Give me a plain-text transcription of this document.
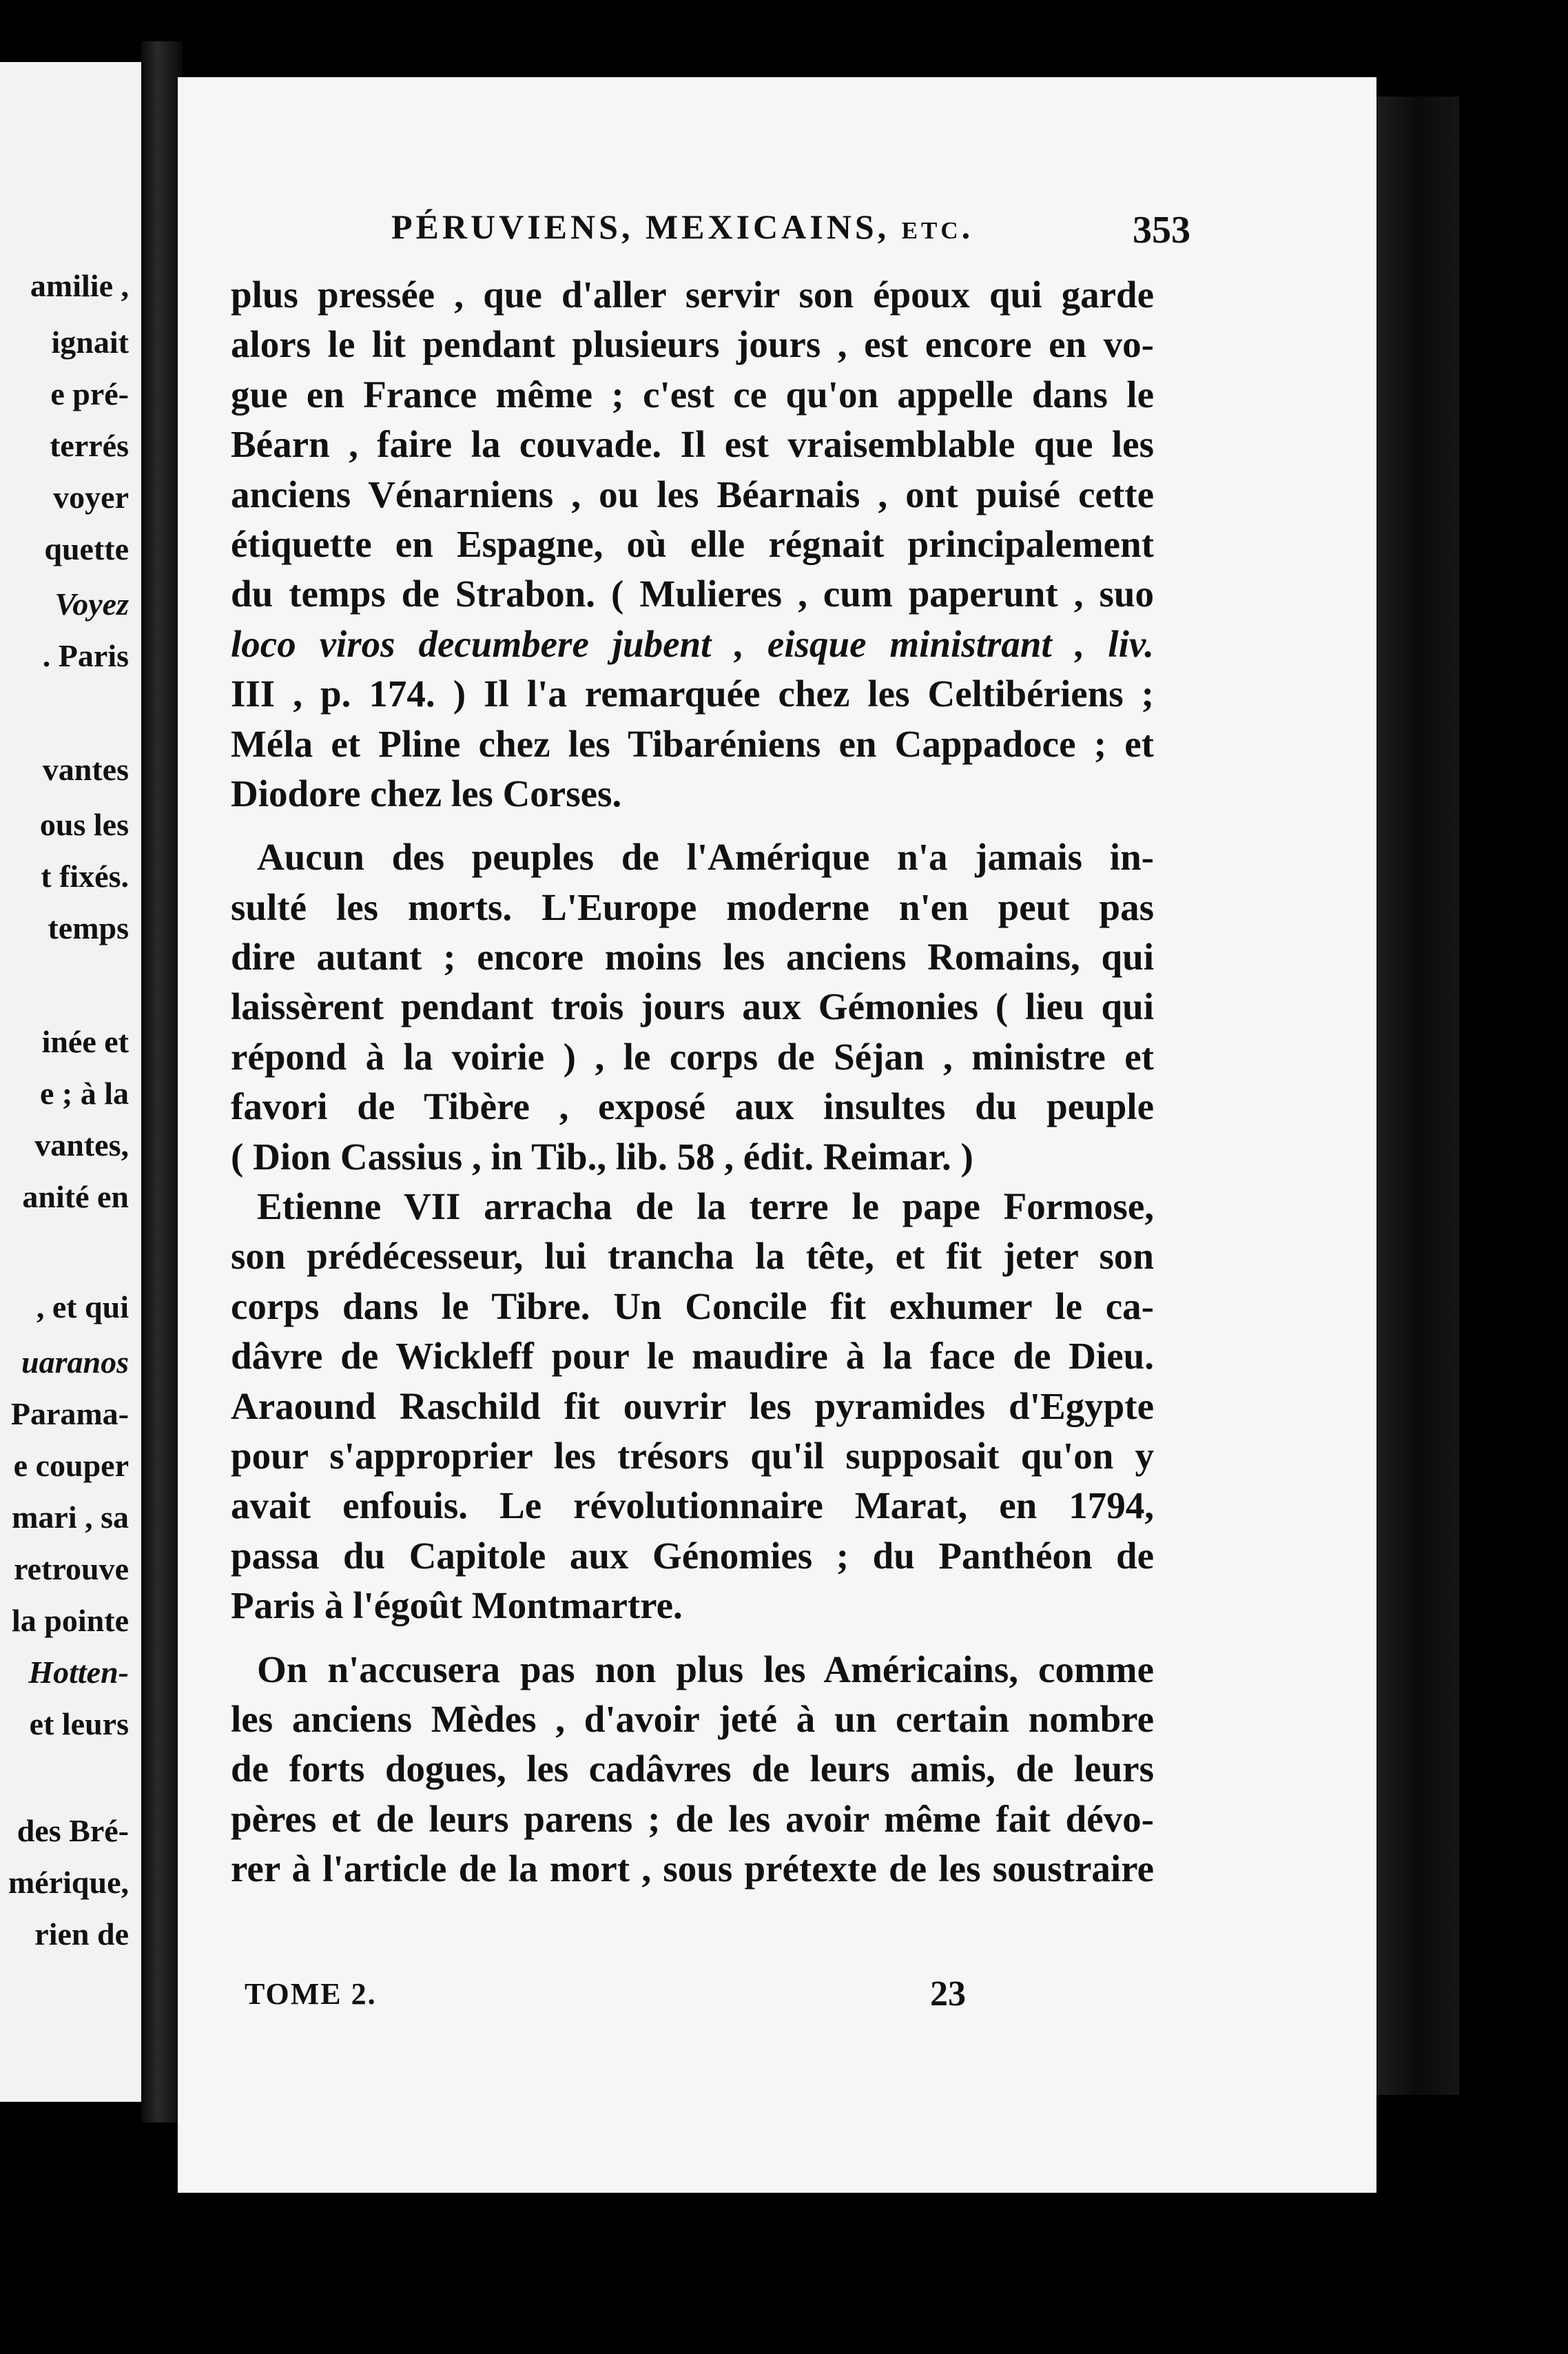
amilie ,
ignait
e pré-
terrés
voyer
quette
Voyez
. Paris
vantes
ous les
t fixés.
temps
inée et
e ; à la
vantes,
anité en
, et qui
uaranos
Parama-
e couper
mari , sa
retrouve
la pointe
Hotten-
et leurs
des Bré-
mérique,
rien de
PÉRUVIENS, MEXICAINS, etc.	353
plus pressée , que d'aller servir son époux qui garde
alors le lit pendant plusieurs jours , est encore en vo-
gue en France même ; c'est ce qu'on appelle dans le
Béarn , faire la couvade. Il est vraisemblable que les
anciens Vénarniens , ou les Béarnais , ont puisé cette
étiquette en Espagne, où elle régnait principalement
du temps de Strabon. ( Mulieres , cum paperunt , suo
loco viros decumbere jubent , eisque ministrant , liv.
III , p. 174. ) Il l'a remarquée chez les Celtibériens ;
Méla et Pline chez les Tibaréniens en Cappadoce ; et
Diodore chez les Corses.
Aucun des peuples de l'Amérique n'a jamais in-
sulté les morts. L'Europe moderne n'en peut pas
dire autant ; encore moins les anciens Romains, qui
laissèrent pendant trois jours aux Gémonies ( lieu qui
répond à la voirie ) , le corps de Séjan , ministre et
favori de Tibère , exposé aux insultes du peuple
( Dion Cassius , in Tib., lib. 58 , édit. Reimar. )
Etienne VII arracha de la terre le pape Formose,
son prédécesseur, lui trancha la tête, et fit jeter son
corps dans le Tibre. Un Concile fit exhumer le ca-
dâvre de Wickleff pour le maudire à la face de Dieu.
Araound Raschild fit ouvrir les pyramides d'Egypte
pour s'approprier les trésors qu'il supposait qu'on y
avait enfouis. Le révolutionnaire Marat, en 1794,
passa du Capitole aux Génomies ; du Panthéon de
Paris à l'égoût Montmartre.
On n'accusera pas non plus les Américains, comme
les anciens Mèdes , d'avoir jeté à un certain nombre
de forts dogues, les cadâvres de leurs amis, de leurs
pères et de leurs parens ; de les avoir même fait dévo-
rer à l'article de la mort , sous prétexte de les soustraire
TOME 2.	23
